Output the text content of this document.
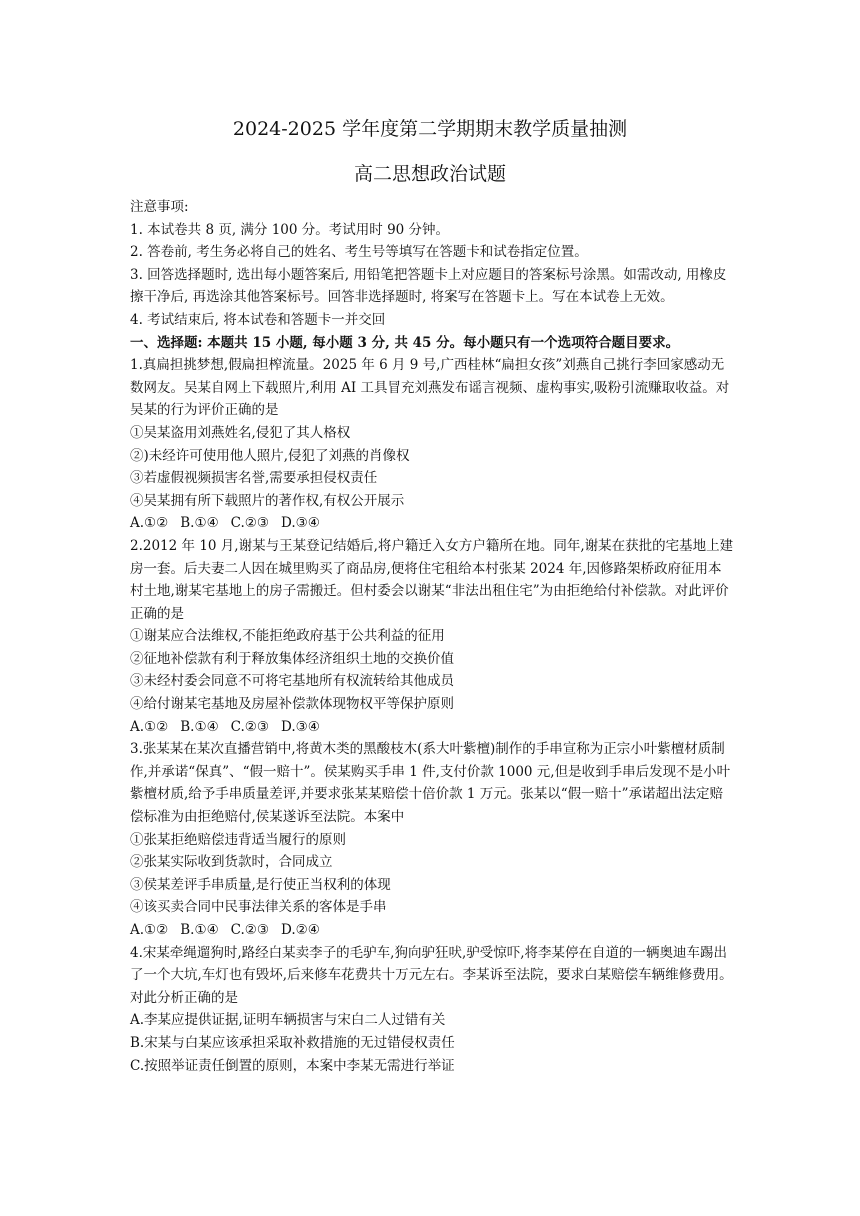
2024-2025 学年度第二学期期末教学质量抽测
高二思想政治试题

注意事项:

1. 本试卷共 8 页, 满分 100 分。考试用时 90 分钟。

2. 答卷前, 考生务必将自己的姓名、考生号等填写在答题卡和试卷指定位置。

3. 回答选择题时, 选出每小题答案后, 用铅笔把答题卡上对应题目的答案标号涂黑。如需改动, 用橡皮擦干净后, 再选涂其他答案标号。回答非选择题时, 将案写在答题卡上。写在本试卷上无效。

4. 考试结束后, 将本试卷和答题卡一并交回

一、选择题: 本题共 15 小题, 每小题 3 分, 共 45 分。每小题只有一个选项符合题目要求。

1.真扁担挑梦想,假扁担榨流量。2025 年 6 月 9 号,广西桂林“扁担女孩”刘燕自己挑行李回家感动无数网友。吴某自网上下载照片,利用 AI 工具冒充刘燕发布谣言视频、虚构事实,吸粉引流赚取收益。对吴某的行为评价正确的是

①吴某盗用刘燕姓名,侵犯了其人格权

②)未经许可使用他人照片,侵犯了刘燕的肖像权

③若虚假视频损害名誉,需要承担侵权责任

④吴某拥有所下载照片的著作权,有权公开展示

A.①② B.①④ C.②③ D.③④

2.2012 年 10 月,谢某与王某登记结婚后,将户籍迁入女方户籍所在地。同年,谢某在获批的宅基地上建房一套。后夫妻二人因在城里购买了商品房,便将住宅租给本村张某 2024 年,因修路架桥政府征用本村土地,谢某宅基地上的房子需搬迁。但村委会以谢某“非法出租住宅”为由拒绝给付补偿款。对此评价正确的是

①谢某应合法维权,不能拒绝政府基于公共利益的征用

②征地补偿款有利于释放集体经济组织土地的交换价值

③未经村委会同意不可将宅基地所有权流转给其他成员

④给付谢某宅基地及房屋补偿款体现物权平等保护原则

A.①② B.①④ C.②③ D.③④

3.张某某在某次直播营销中,将黄木类的黑酸枝木(系大叶紫檀)制作的手串宣称为正宗小叶紫檀材质制作,并承诺“保真”、“假一赔十”。侯某购买手串 1 件,支付价款 1000 元,但是收到手串后发现不是小叶紫檀材质,给予手串质量差评,并要求张某某赔偿十倍价款 1 万元。张某以“假一赔十”承诺超出法定赔偿标准为由拒绝赔付,侯某遂诉至法院。本案中

①张某拒绝赔偿违背适当履行的原则

②张某实际收到货款时，合同成立

③侯某差评手串质量,是行使正当权利的体现

④该买卖合同中民事法律关系的客体是手串

A.①② B.①④ C.②③ D.②④

4.宋某牵绳遛狗时,路经白某卖李子的毛驴车,狗向驴狂吠,驴受惊吓,将李某停在自道的一辆奥迪车踢出了一个大坑,车灯也有毁坏,后来修车花费共十万元左右。李某诉至法院，要求白某赔偿车辆维修费用。对此分析正确的是

A.李某应提供证据,证明车辆损害与宋白二人过错有关

B.宋某与白某应该承担采取补救措施的无过错侵权责任

C.按照举证责任倒置的原则，本案中李某无需进行举证
